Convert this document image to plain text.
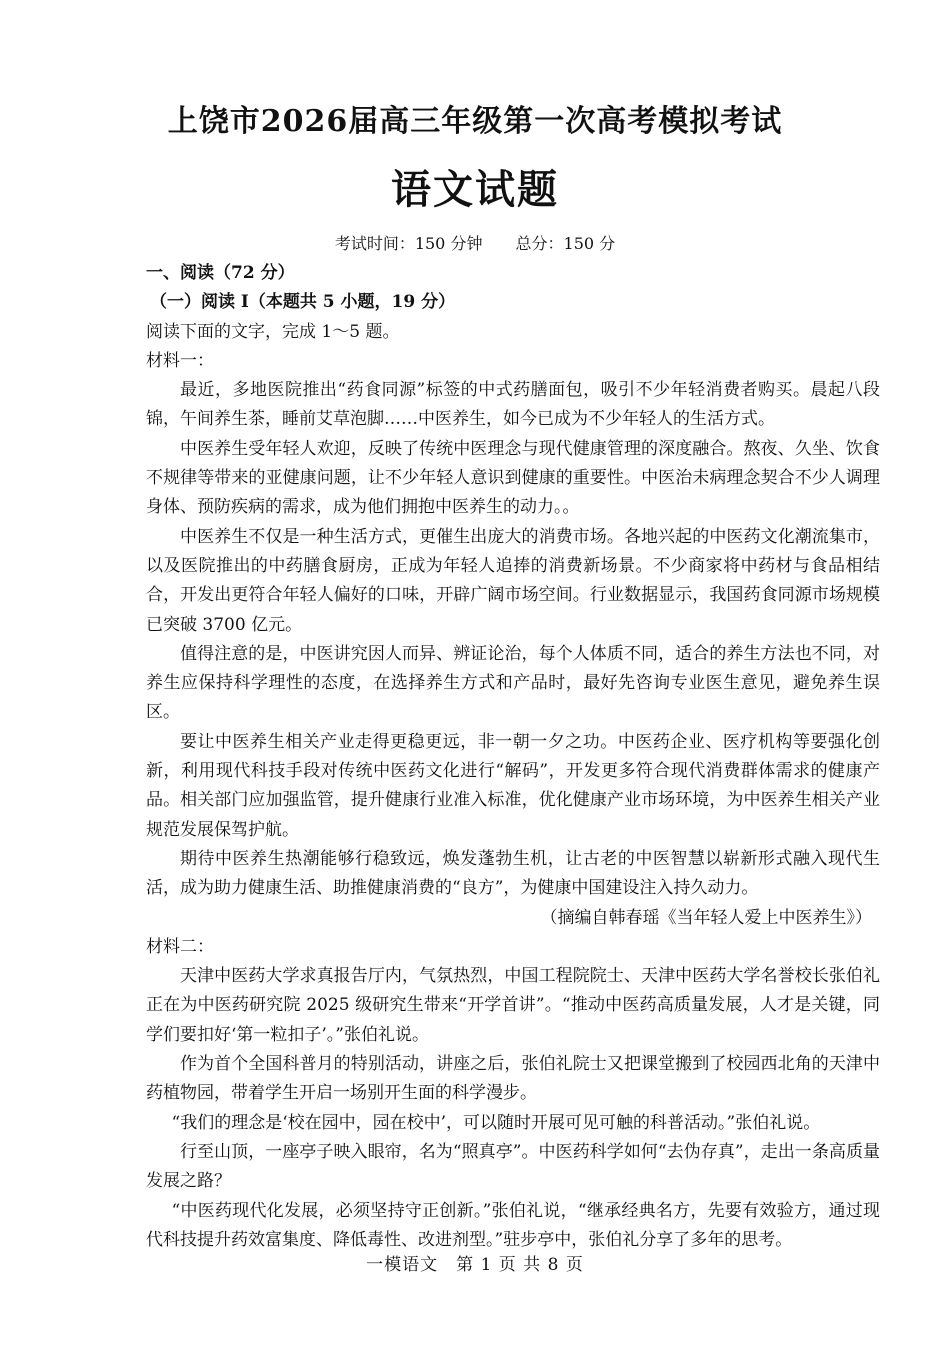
上饶市2026届高三年级第一次高考模拟考试
语文试题
考试时间：150 分钟 总分：150 分

一、阅读（72 分）

（一）阅读 I（本题共 5 小题，19 分）

阅读下面的文字，完成 1～5 题。

材料一：

最近，多地医院推出“药食同源”标签的中式药膳面包，吸引不少年轻消费者购买。晨起八段锦，午间养生茶，睡前艾草泡脚……中医养生，如今已成为不少年轻人的生活方式。

中医养生受年轻人欢迎，反映了传统中医理念与现代健康管理的深度融合。熬夜、久坐、饮食不规律等带来的亚健康问题，让不少年轻人意识到健康的重要性。中医治未病理念契合不少人调理身体、预防疾病的需求，成为他们拥抱中医养生的动力。。

中医养生不仅是一种生活方式，更催生出庞大的消费市场。各地兴起的中医药文化潮流集市，以及医院推出的中药膳食厨房，正成为年轻人追捧的消费新场景。不少商家将中药材与食品相结合，开发出更符合年轻人偏好的口味，开辟广阔市场空间。行业数据显示，我国药食同源市场规模已突破 3700 亿元。

值得注意的是，中医讲究因人而异、辨证论治，每个人体质不同，适合的养生方法也不同，对养生应保持科学理性的态度，在选择养生方式和产品时，最好先咨询专业医生意见，避免养生误区。

要让中医养生相关产业走得更稳更远，非一朝一夕之功。中医药企业、医疗机构等要强化创新，利用现代科技手段对传统中医药文化进行“解码”，开发更多符合现代消费群体需求的健康产品。相关部门应加强监管，提升健康行业准入标准，优化健康产业市场环境，为中医养生相关产业规范发展保驾护航。

期待中医养生热潮能够行稳致远，焕发蓬勃生机，让古老的中医智慧以崭新形式融入现代生活，成为助力健康生活、助推健康消费的“良方”，为健康中国建设注入持久动力。

（摘编自韩春瑶《当年轻人爱上中医养生》）

材料二：

天津中医药大学求真报告厅内，气氛热烈，中国工程院院士、天津中医药大学名誉校长张伯礼正在为中医药研究院 2025 级研究生带来“开学首讲”。“推动中医药高质量发展，人才是关键，同学们要扣好‘第一粒扣子’。”张伯礼说。

作为首个全国科普月的特别活动，讲座之后，张伯礼院士又把课堂搬到了校园西北角的天津中药植物园，带着学生开启一场别开生面的科学漫步。

“我们的理念是‘校在园中，园在校中’，可以随时开展可见可触的科普活动。”张伯礼说。

行至山顶，一座亭子映入眼帘，名为“照真亭”。中医药科学如何“去伪存真”，走出一条高质量发展之路？

“中医药现代化发展，必须坚持守正创新。”张伯礼说，“继承经典名方，先要有效验方，通过现代科技提升药效富集度、降低毒性、改进剂型。”驻步亭中，张伯礼分享了多年的思考。

一模语文　第 1 页 共 8 页
